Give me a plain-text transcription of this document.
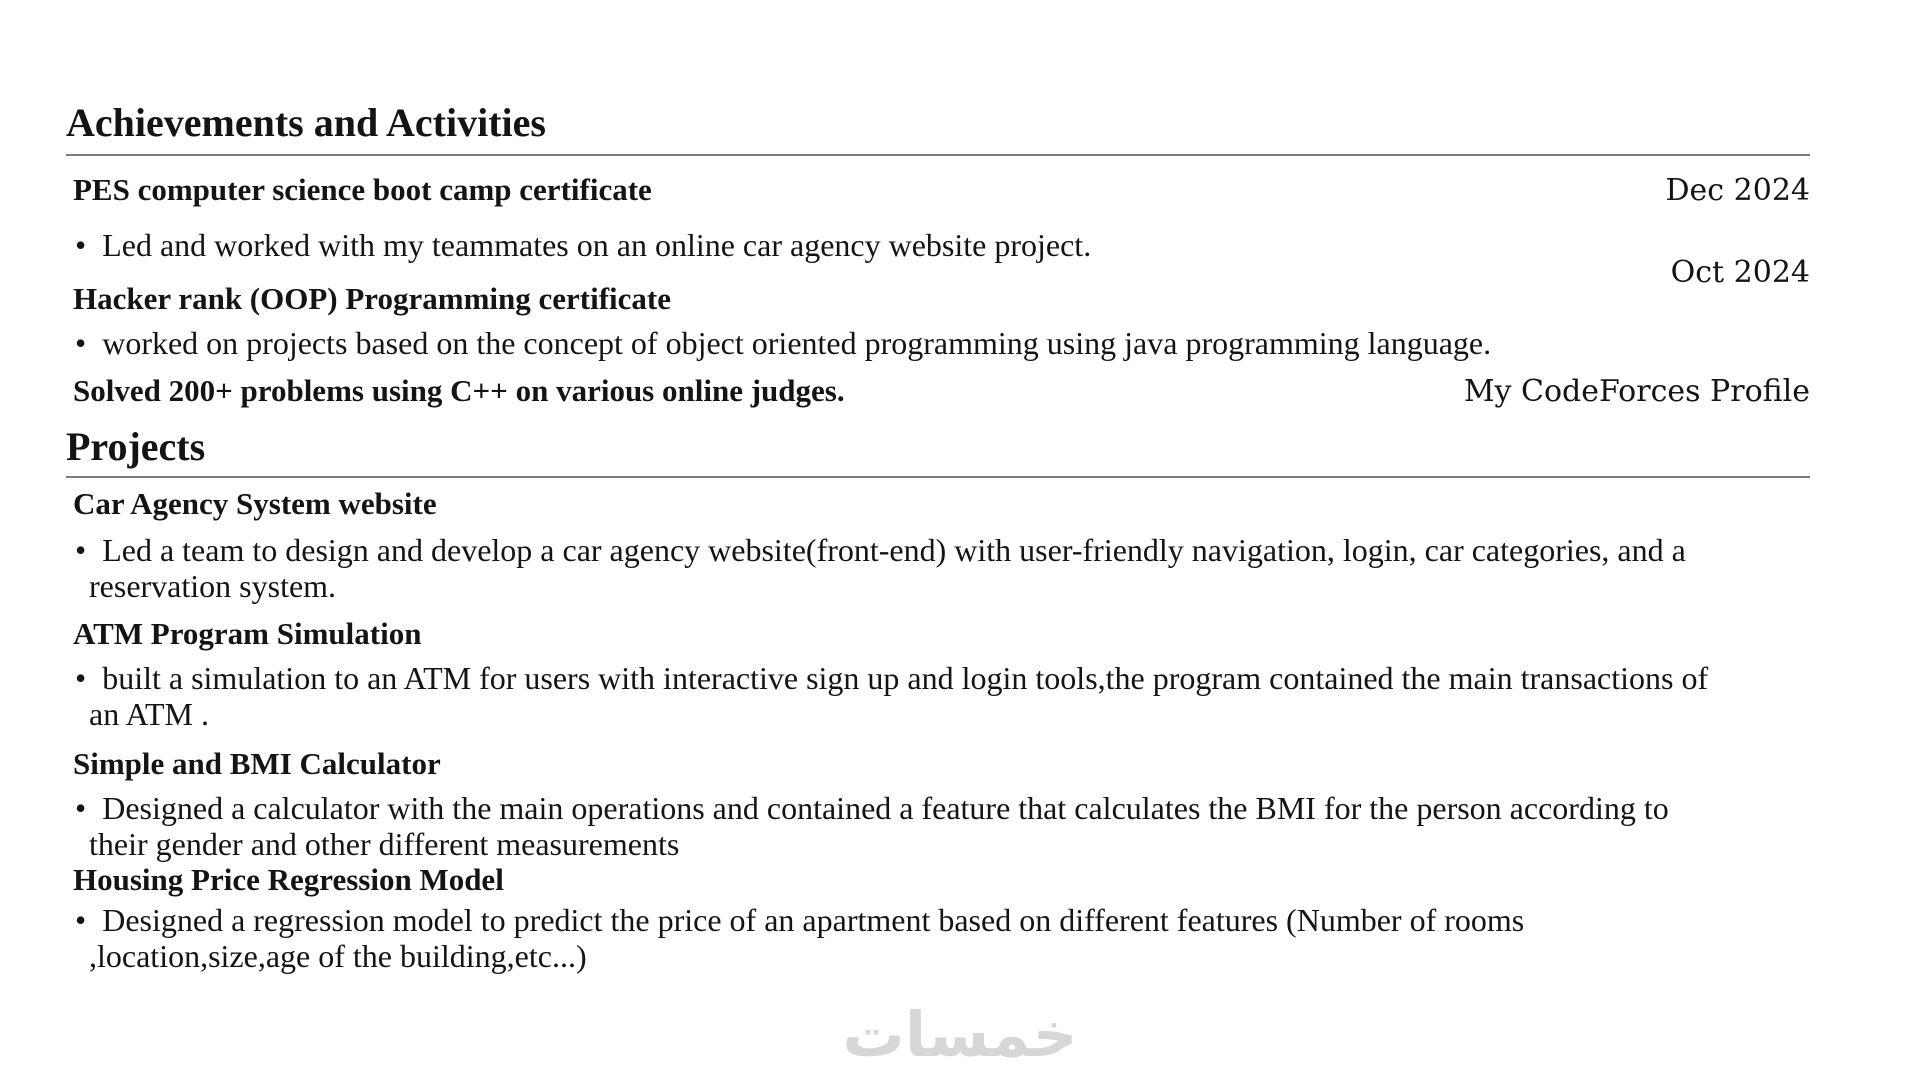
Achievements and Activities
PES computer science boot camp certificate	Dec 2024
• Led and worked with my teammates on an online car agency website project.
Hacker rank (OOP) Programming certificate
Oct 2024
• worked on projects based on the concept of object oriented programming using java programming language.
Solved 200+ problems using C++ on various online judges.	My CodeForces Profile
Projects
Car Agency System website
• Led a team to design and develop a car agency website(front-end) with user-friendly navigation, login, car categories, and a reservation system.
ATM Program Simulation
• built a simulation to an ATM for users with interactive sign up and login tools,the program contained the main transactions of an ATM .
Simple and BMI Calculator
• Designed a calculator with the main operations and contained a feature that calculates the BMI for the person according to their gender and other different measurements
Housing Price Regression Model
• Designed a regression model to predict the price of an apartment based on different features (Number of rooms ,location,size,age of the building,etc...)
خمسات
